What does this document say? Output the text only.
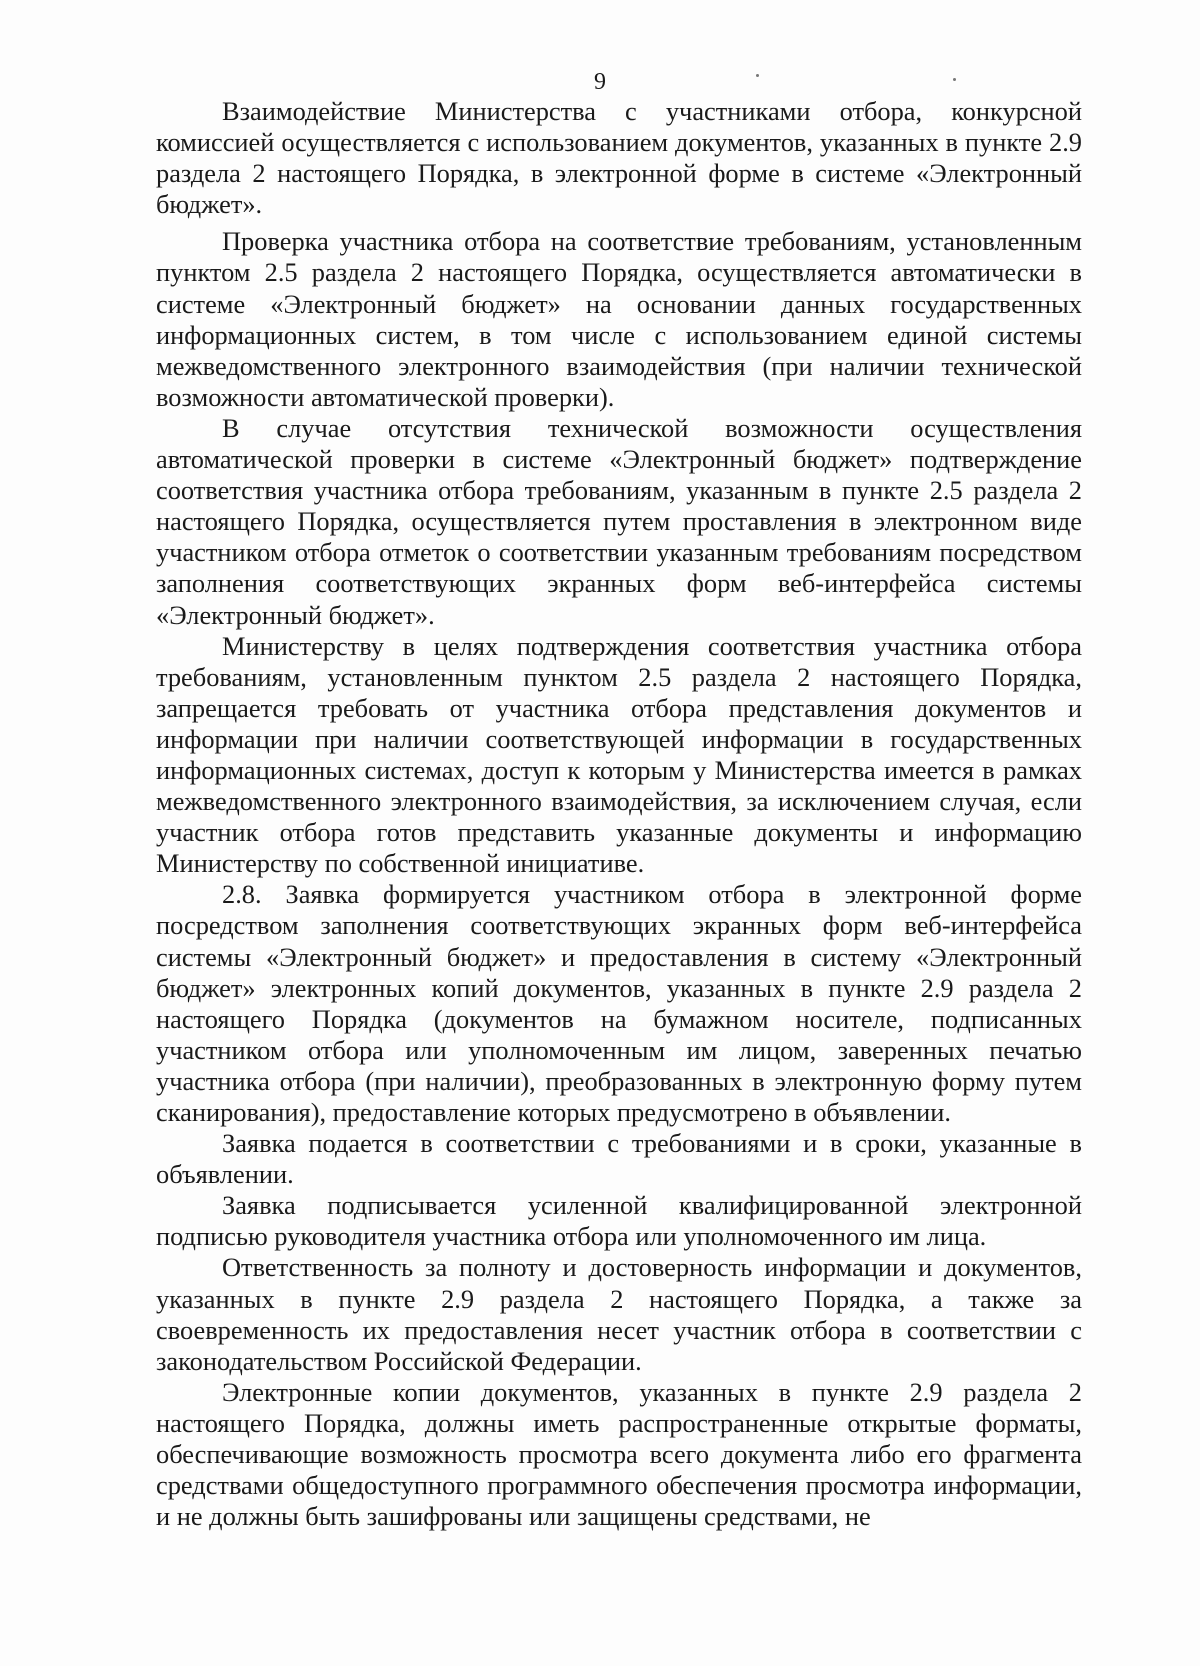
9

Взаимодействие Министерства с участниками отбора, конкурсной комиссией осуществляется с использованием документов, указанных в пункте 2.9 раздела 2 настоящего Порядка, в электронной форме в системе «Электронный бюджет».

Проверка участника отбора на соответствие требованиям, установленным пунктом 2.5 раздела 2 настоящего Порядка, осуществляется автоматически в системе «Электронный бюджет» на основании данных государственных информационных систем, в том числе с использованием единой системы межведомственного электронного взаимодействия (при наличии технической возможности автоматической проверки).

В случае отсутствия технической возможности осуществления автоматической проверки в системе «Электронный бюджет» подтверждение соответствия участника отбора требованиям, указанным в пункте 2.5 раздела 2 настоящего Порядка, осуществляется путем проставления в электронном виде участником отбора отметок о соответствии указанным требованиям посредством заполнения соответствующих экранных форм веб-интерфейса системы «Электронный бюджет».

Министерству в целях подтверждения соответствия участника отбора требованиям, установленным пунктом 2.5 раздела 2 настоящего Порядка, запрещается требовать от участника отбора представления документов и информации при наличии соответствующей информации в государственных информационных системах, доступ к которым у Министерства имеется в рамках межведомственного электронного взаимодействия, за исключением случая, если участник отбора готов представить указанные документы и информацию Министерству по собственной инициативе.

2.8. Заявка формируется участником отбора в электронной форме посредством заполнения соответствующих экранных форм веб-интерфейса системы «Электронный бюджет» и предоставления в систему «Электронный бюджет» электронных копий документов, указанных в пункте 2.9 раздела 2 настоящего Порядка (документов на бумажном носителе, подписанных участником отбора или уполномоченным им лицом, заверенных печатью участника отбора (при наличии), преобразованных в электронную форму путем сканирования), предоставление которых предусмотрено в объявлении.

Заявка подается в соответствии с требованиями и в сроки, указанные в объявлении.

Заявка подписывается усиленной квалифицированной электронной подписью руководителя участника отбора или уполномоченного им лица.

Ответственность за полноту и достоверность информации и документов, указанных в пункте 2.9 раздела 2 настоящего Порядка, а также за своевременность их предоставления несет участник отбора в соответствии с законодательством Российской Федерации.

Электронные копии документов, указанных в пункте 2.9 раздела 2 настоящего Порядка, должны иметь распространенные открытые форматы, обеспечивающие возможность просмотра всего документа либо его фрагмента средствами общедоступного программного обеспечения просмотра информации, и не должны быть зашифрованы или защищены средствами, не
